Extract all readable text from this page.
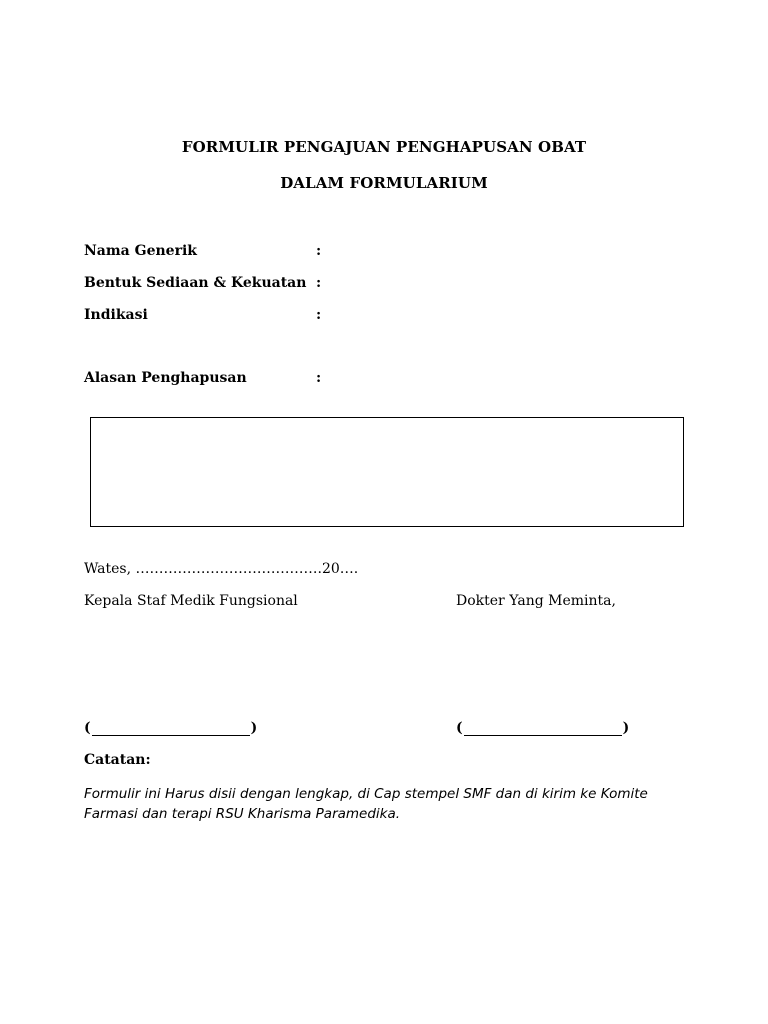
FORMULIR PENGAJUAN PENGHAPUSAN OBAT
DALAM FORMULARIUM
Nama Generik	:
Bentuk Sediaan & Kekuatan :
Indikasi	:
Alasan Penghapusan	:
Wates, ………………………………….20….
Kepala Staf Medik Fungsional	Dokter Yang Meminta,
(	)	(	)
Catatan:
Formulir ini Harus disii dengan lengkap, di Cap stempel SMF dan di kirim ke Komite Farmasi dan terapi RSU Kharisma Paramedika.
